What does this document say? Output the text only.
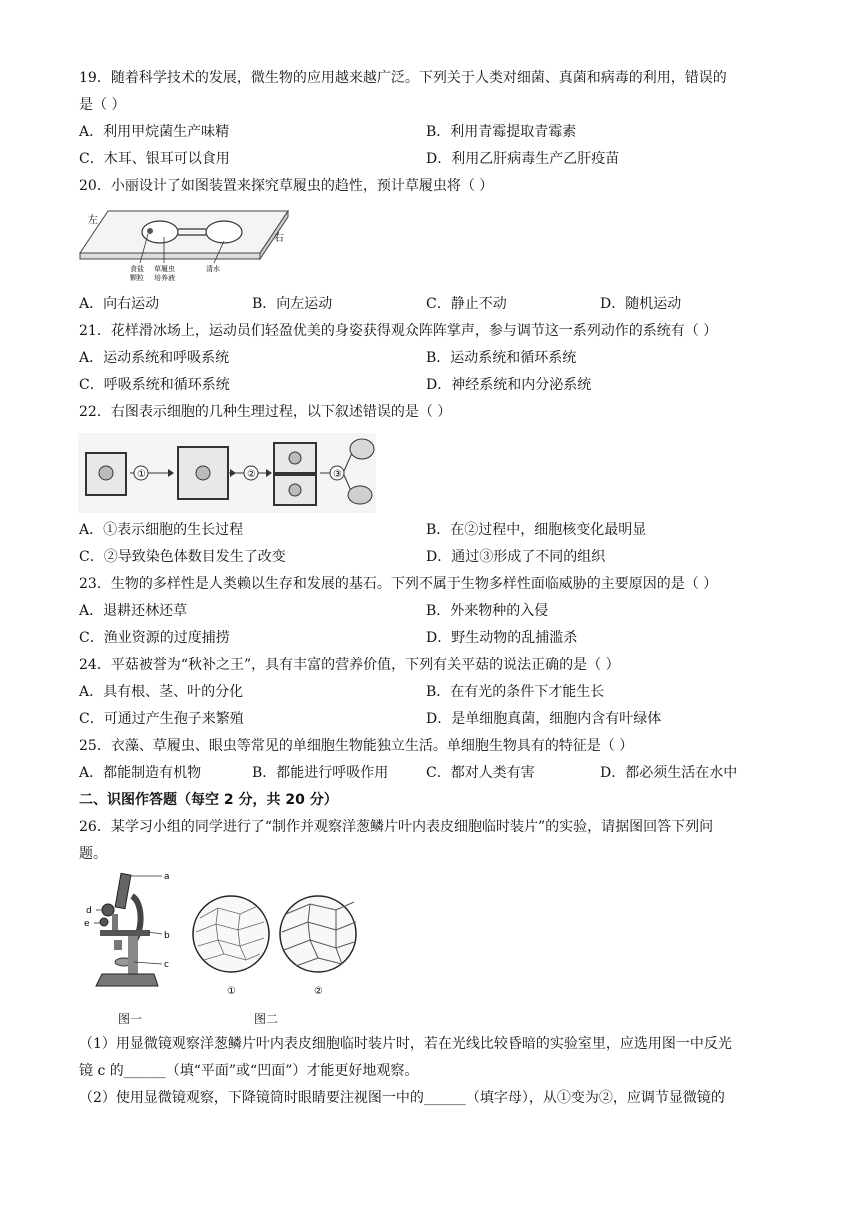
19．随着科学技术的发展，微生物的应用越来越广泛。下列关于人类对细菌、真菌和病毒的利用，错误的
是（ ）
A．利用甲烷菌生产味精	B．利用青霉提取青霉素
C．木耳、银耳可以食用	D．利用乙肝病毒生产乙肝疫苗
20．小丽设计了如图装置来探究草履虫的趋性，预计草履虫将（ ）
左
右
食盐
颗粒
草履虫
培养液
清水
A．向右运动	B．向左运动	C．静止不动	D．随机运动
21．花样滑冰场上，运动员们轻盈优美的身姿获得观众阵阵掌声，参与调节这一系列动作的系统有（ ）
A．运动系统和呼吸系统	B．运动系统和循环系统
C．呼吸系统和循环系统	D．神经系统和内分泌系统
22．右图表示细胞的几种生理过程，以下叙述错误的是（ ）
①	②	③
A．①表示细胞的生长过程	B．在②过程中，细胞核变化最明显
C．②导致染色体数目发生了改变	D．通过③形成了不同的组织
23．生物的多样性是人类赖以生存和发展的基石。下列不属于生物多样性面临威胁的主要原因的是（ ）
A．退耕还林还草	B．外来物种的入侵
C．渔业资源的过度捕捞	D．野生动物的乱捕滥杀
24．平菇被誉为“秋补之王”，具有丰富的营养价值，下列有关平菇的说法正确的是（ ）
A．具有根、茎、叶的分化	B．在有光的条件下才能生长
C．可通过产生孢子来繁殖	D．是单细胞真菌，细胞内含有叶绿体
25．衣藻、草履虫、眼虫等常见的单细胞生物能独立生活。单细胞生物具有的特征是（ ）
A．都能制造有机物	B．都能进行呼吸作用	C．都对人类有害	D．都必须生活在水中
二、识图作答题（每空 2 分，共 20 分）
26．某学习小组的同学进行了“制作并观察洋葱鳞片叶内表皮细胞临时装片”的实验，请据图回答下列问
题。
a
d
e
b
c
①	②
图一	图二
（1）用显微镜观察洋葱鳞片叶内表皮细胞临时装片时，若在光线比较昏暗的实验室里，应选用图一中反光
镜 c 的______（填“平面”或“凹面”）才能更好地观察。
（2）使用显微镜观察，下降镜筒时眼睛要注视图一中的______（填字母），从①变为②，应调节显微镜的
